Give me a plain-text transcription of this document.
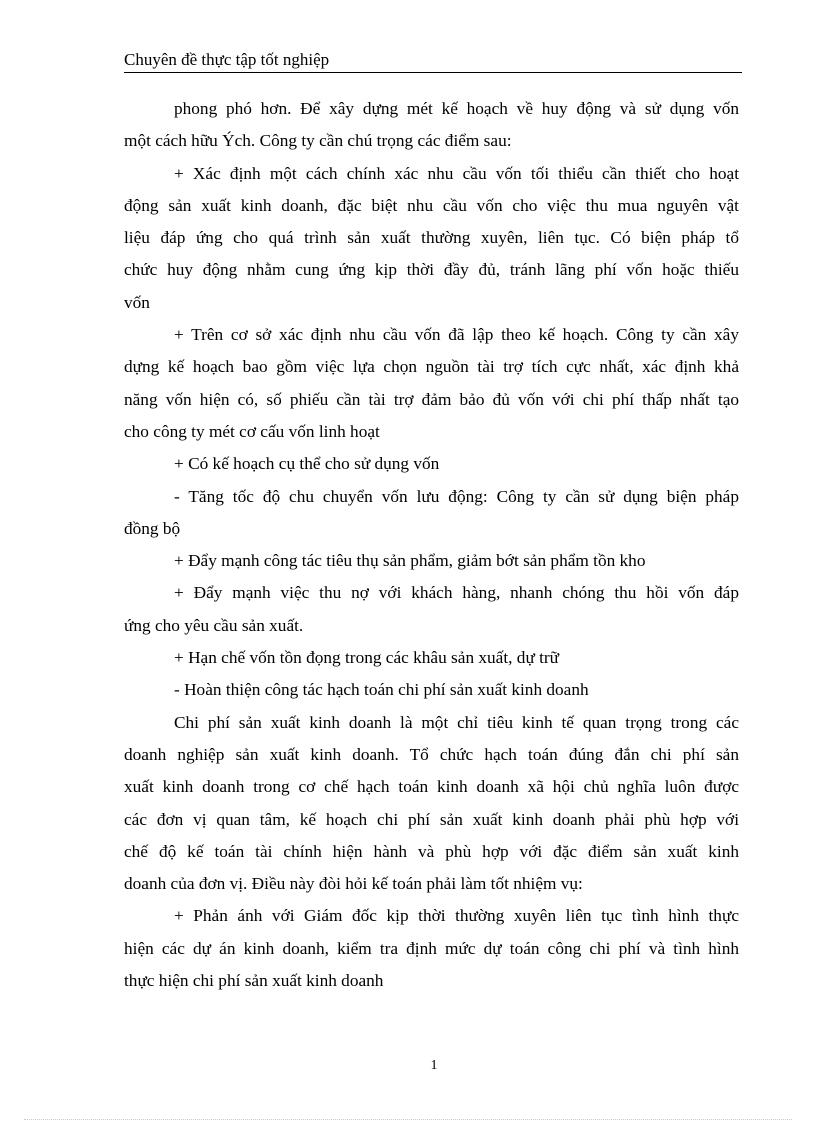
Chuyên đề thực tập tốt nghiệp
phong phó hơn. Để xây dựng mét kế hoạch về huy động và sử dụng vốn
một cách hữu Ých. Công ty cần chú trọng các điểm sau:
+ Xác định một cách chính xác nhu cầu vốn tối thiểu cần thiết cho hoạt
động sản xuất kinh doanh, đặc biệt nhu cầu vốn cho việc thu mua nguyên vật
liệu đáp ứng cho quá trình sản xuất thường xuyên, liên tục. Có biện pháp tổ
chức huy động nhằm cung ứng kịp thời đầy đủ, tránh lãng phí vốn hoặc thiếu
vốn
+ Trên cơ sở xác định nhu cầu vốn đã lập theo kế hoạch. Công ty cần xây
dựng kế hoạch bao gồm việc lựa chọn nguồn tài trợ tích cực nhất, xác định khả
năng vốn hiện có, số phiếu cần tài trợ đảm bảo đủ vốn với chi phí thấp nhất tạo
cho công ty mét cơ cấu vốn linh hoạt
+ Có kế hoạch cụ thể cho sử dụng vốn
- Tăng tốc độ chu chuyển vốn lưu động: Công ty cần sử dụng biện pháp
đồng bộ
+ Đẩy mạnh công tác tiêu thụ sản phẩm, giảm bớt sản phẩm tồn kho
+ Đẩy mạnh việc thu nợ với khách hàng, nhanh chóng thu hồi vốn đáp
ứng cho yêu cầu sản xuất.
+ Hạn chế vốn tồn đọng trong các khâu sản xuất, dự trữ
- Hoàn thiện công tác hạch toán chi phí sản xuất kinh doanh
Chi phí sản xuất kinh doanh là một chỉ tiêu kinh tế quan trọng trong các
doanh nghiệp sản xuất kinh doanh. Tổ chức hạch toán đúng đắn chi phí sản
xuất kinh doanh trong cơ chế hạch toán kinh doanh xã hội chủ nghĩa luôn được
các đơn vị quan tâm, kế hoạch chi phí sản xuất kinh doanh phải phù hợp với
chế độ kế toán tài chính hiện hành và phù hợp với đặc điểm sản xuất kinh
doanh của đơn vị. Điều này đòi hỏi kế toán phải làm tốt nhiệm vụ:
+ Phản ánh với Giám đốc kịp thời thường xuyên liên tục tình hình thực
hiện các dự án kinh doanh, kiểm tra định mức dự toán công chi phí và tình hình
thực hiện chi phí sản xuất kinh doanh
1
